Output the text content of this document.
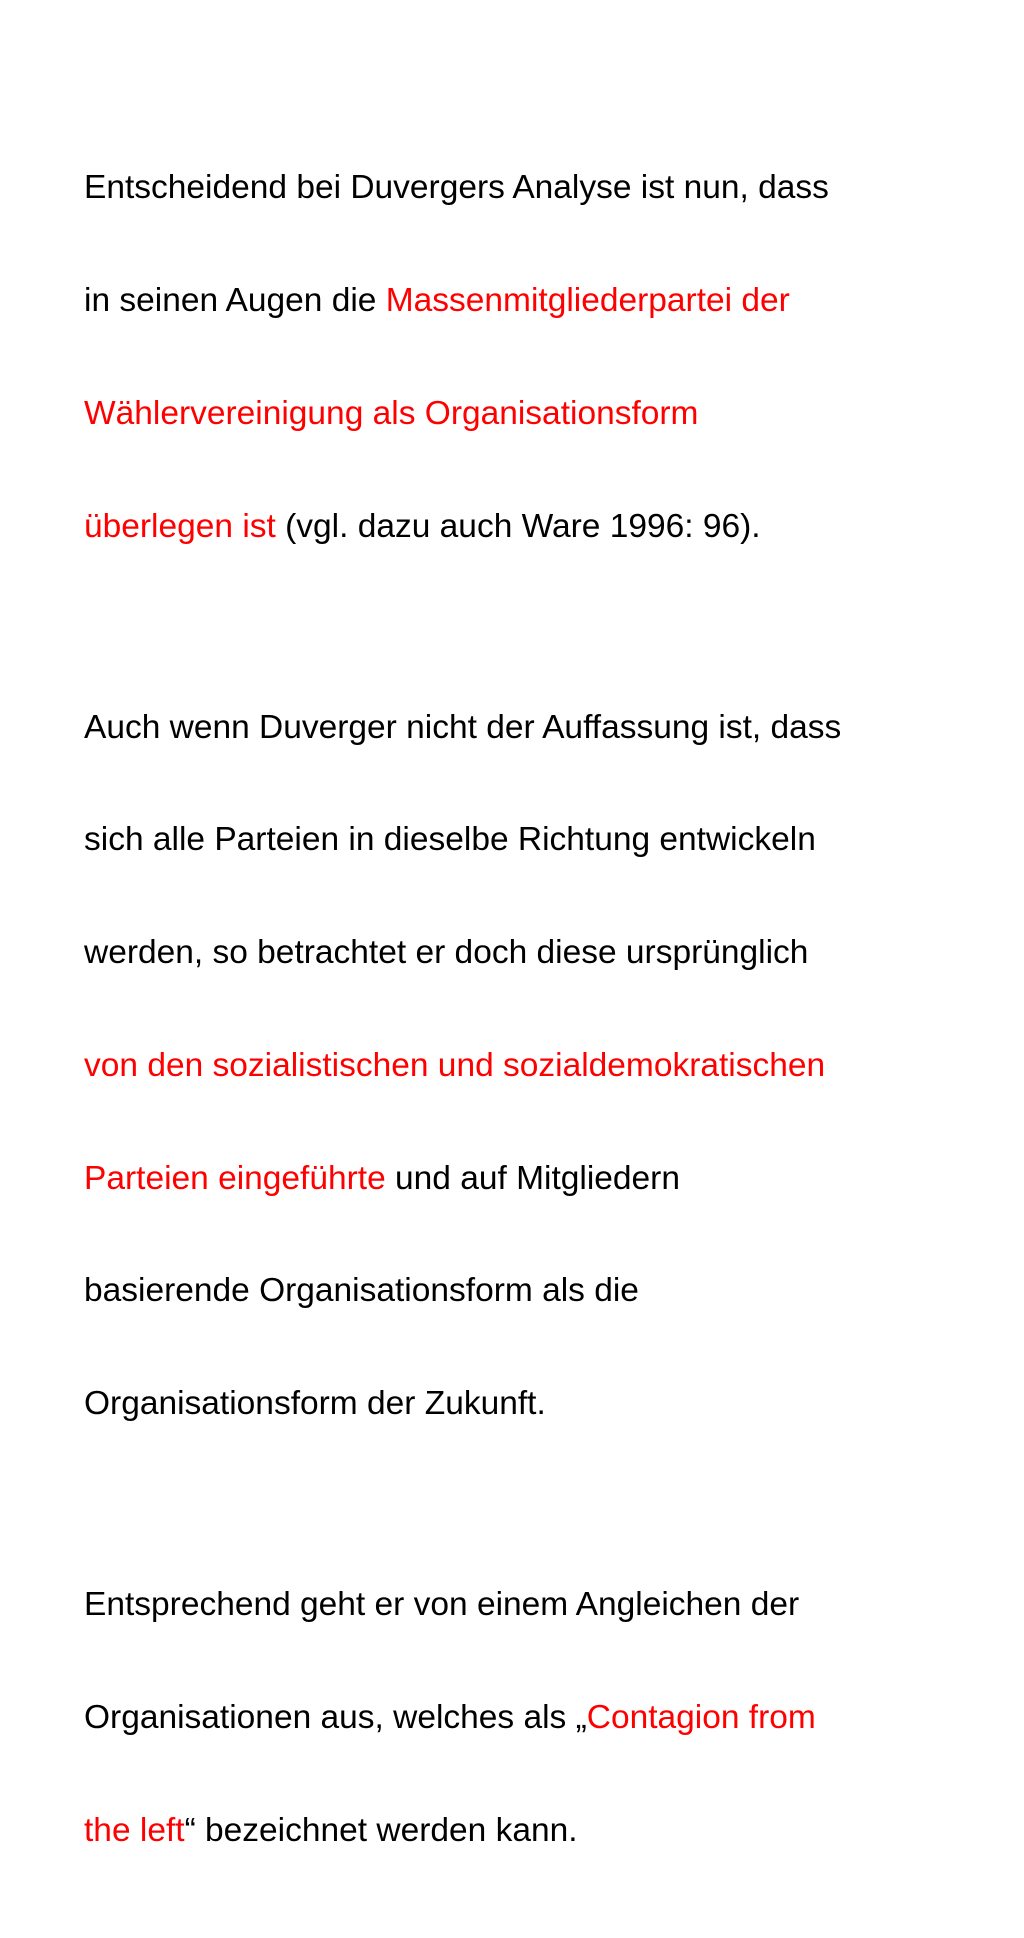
Entscheidend bei Duvergers Analyse ist nun, dass

in seinen Augen die Massenmitgliederpartei der

Wählervereinigung als Organisationsform

überlegen ist (vgl. dazu auch Ware 1996: 96).

Auch wenn Duverger nicht der Auffassung ist, dass

sich alle Parteien in dieselbe Richtung entwickeln

werden, so betrachtet er doch diese ursprünglich

von den sozialistischen und sozialdemokratischen

Parteien eingeführte und auf Mitgliedern

basierende Organisationsform als die

Organisationsform der Zukunft.

Entsprechend geht er von einem Angleichen der

Organisationen aus, welches als „Contagion from

the left“ bezeichnet werden kann.
